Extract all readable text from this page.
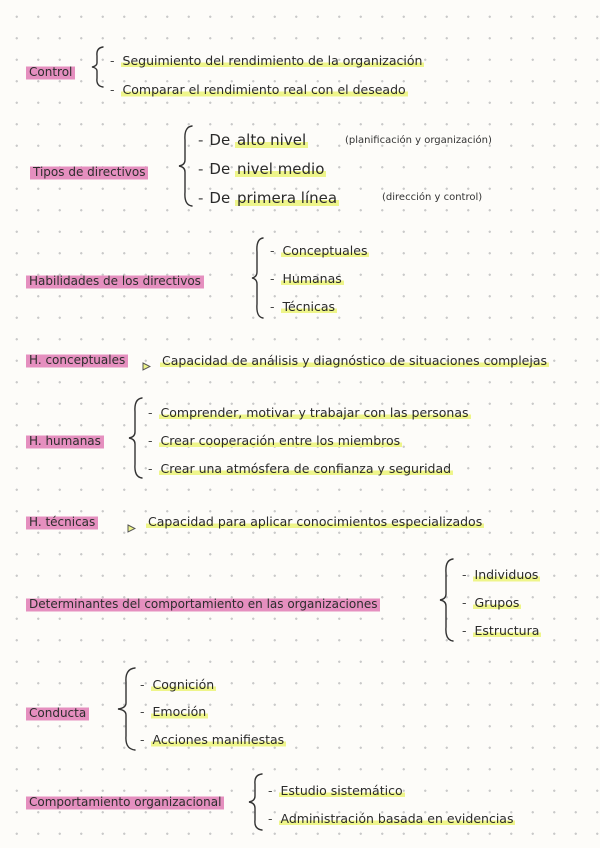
Control
- Seguimiento del rendimiento de la organización
- Comparar el rendimiento real con el deseado
Tipos de directivos
- De alto nivel	(planificación y organización)
- De nivel medio
- De primera línea	(dirección y control)
Habilidades de los directivos
- Conceptuales
- Humanas
- Técnicas
H. conceptuales	Capacidad de análisis y diagnóstico de situaciones complejas
H. humanas
- Comprender, motivar y trabajar con las personas
- Crear cooperación entre los miembros
- Crear una atmósfera de confianza y seguridad
H. técnicas	Capacidad para aplicar conocimientos especializados
Determinantes del comportamiento en las organizaciones
- Individuos
- Grupos
- Estructura
Conducta
- Cognición
- Emoción
- Acciones manifiestas
Comportamiento organizacional
- Estudio sistemático
- Administración basada en evidencias
